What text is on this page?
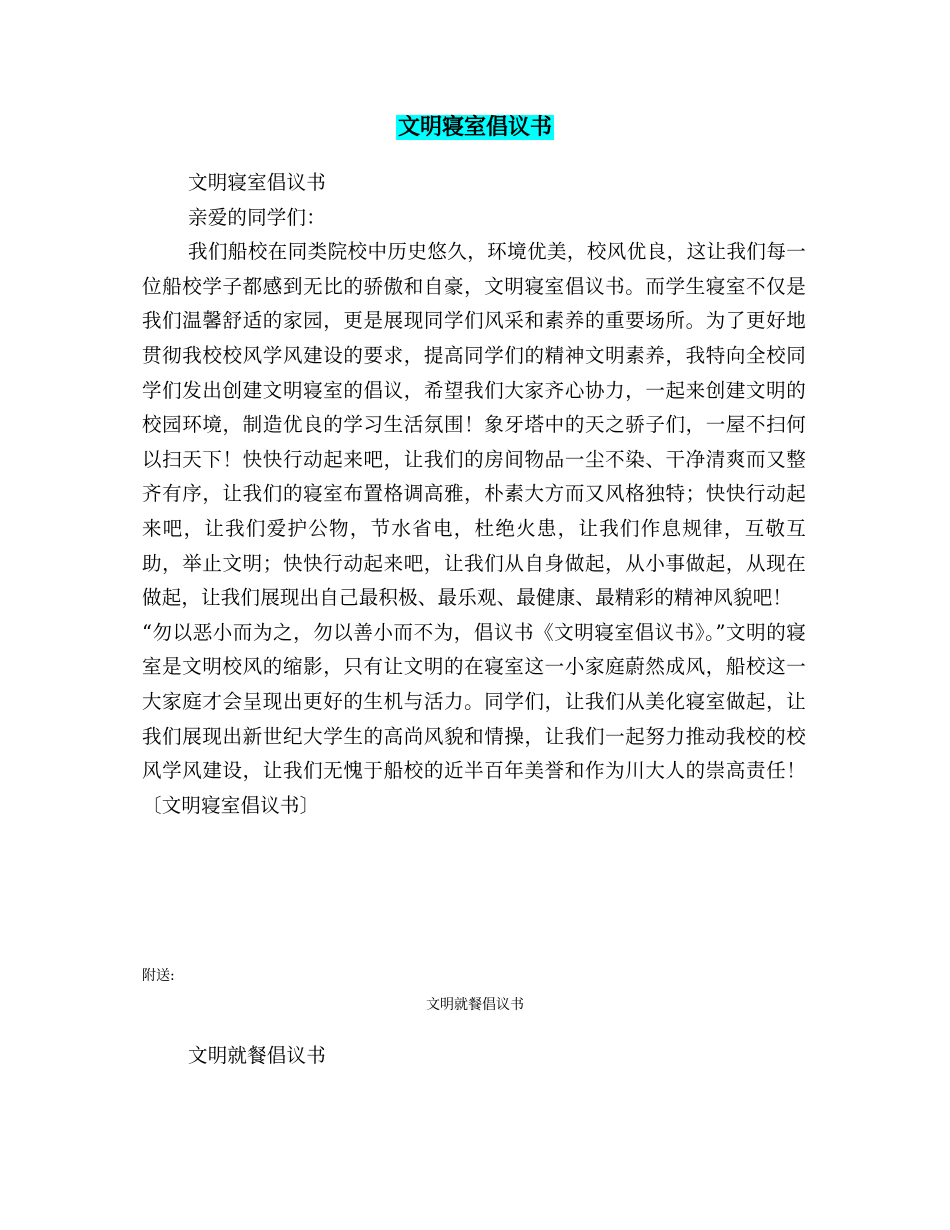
文明寝室倡议书

文明寝室倡议书

亲爱的同学们：

我们船校在同类院校中历史悠久，环境优美，校风优良，这让我们每一位船校学子都感到无比的骄傲和自豪，文明寝室倡议书。而学生寝室不仅是我们温馨舒适的家园，更是展现同学们风采和素养的重要场所。为了更好地贯彻我校校风学风建设的要求，提高同学们的精神文明素养，我特向全校同学们发出创建文明寝室的倡议，希望我们大家齐心协力，一起来创建文明的校园环境，制造优良的学习生活氛围！象牙塔中的天之骄子们，一屋不扫何以扫天下！快快行动起来吧，让我们的房间物品一尘不染、干净清爽而又整齐有序，让我们的寝室布置格调高雅，朴素大方而又风格独特；快快行动起来吧，让我们爱护公物，节水省电，杜绝火患，让我们作息规律，互敬互助，举止文明；快快行动起来吧，让我们从自身做起，从小事做起，从现在做起，让我们展现出自己最积极、最乐观、最健康、最精彩的精神风貌吧！

“勿以恶小而为之，勿以善小而不为，倡议书《文明寝室倡议书》。”文明的寝室是文明校风的缩影，只有让文明的在寝室这一小家庭蔚然成风，船校这一大家庭才会呈现出更好的生机与活力。同学们，让我们从美化寝室做起，让我们展现出新世纪大学生的高尚风貌和情操，让我们一起努力推动我校的校风学风建设，让我们无愧于船校的近半百年美誉和作为川大人的崇高责任！ 〔文明寝室倡议书〕

附送:
文明就餐倡议书
文明就餐倡议书
